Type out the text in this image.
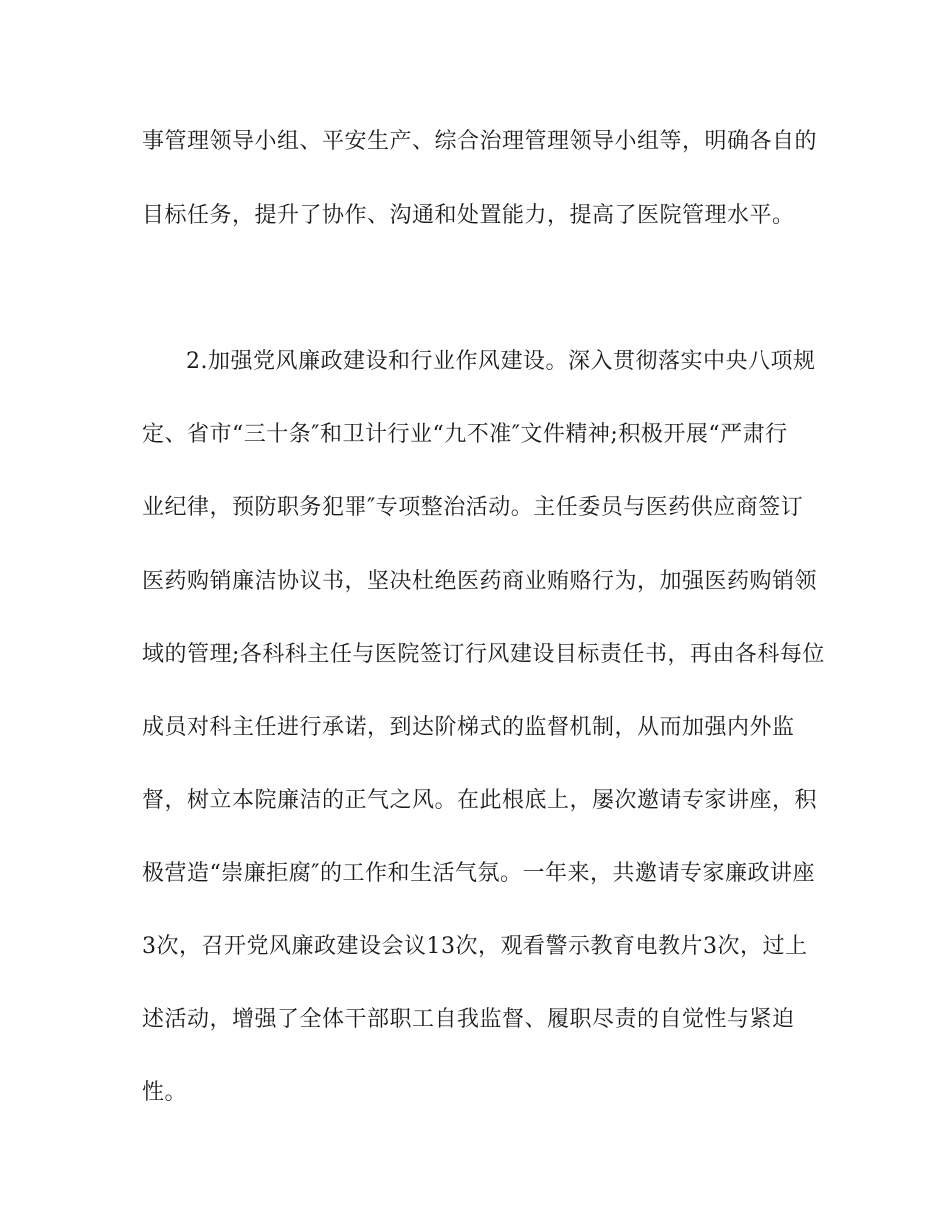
事管理领导小组、平安生产、综合治理管理领导小组等，明确各自的
目标任务，提升了协作、沟通和处置能力，提高了医院管理水平。
2.加强党风廉政建设和行业作风建设。深入贯彻落实中央八项规
定、省市“三十条″和卫计行业“九不准″文件精神;积极开展“严肃行
业纪律，预防职务犯罪″专项整治活动。主任委员与医药供应商签订
医药购销廉洁协议书，坚决杜绝医药商业贿赂行为，加强医药购销领
域的管理;各科科主任与医院签订行风建设目标责任书，再由各科每位
成员对科主任进行承诺，到达阶梯式的监督机制，从而加强内外监
督，树立本院廉洁的正气之风。在此根底上，屡次邀请专家讲座，积
极营造“崇廉拒腐″的工作和生活气氛。一年来，共邀请专家廉政讲座
3次，召开党风廉政建设会议13次，观看警示教育电教片3次，过上
述活动，增强了全体干部职工自我监督、履职尽责的自觉性与紧迫
性。
